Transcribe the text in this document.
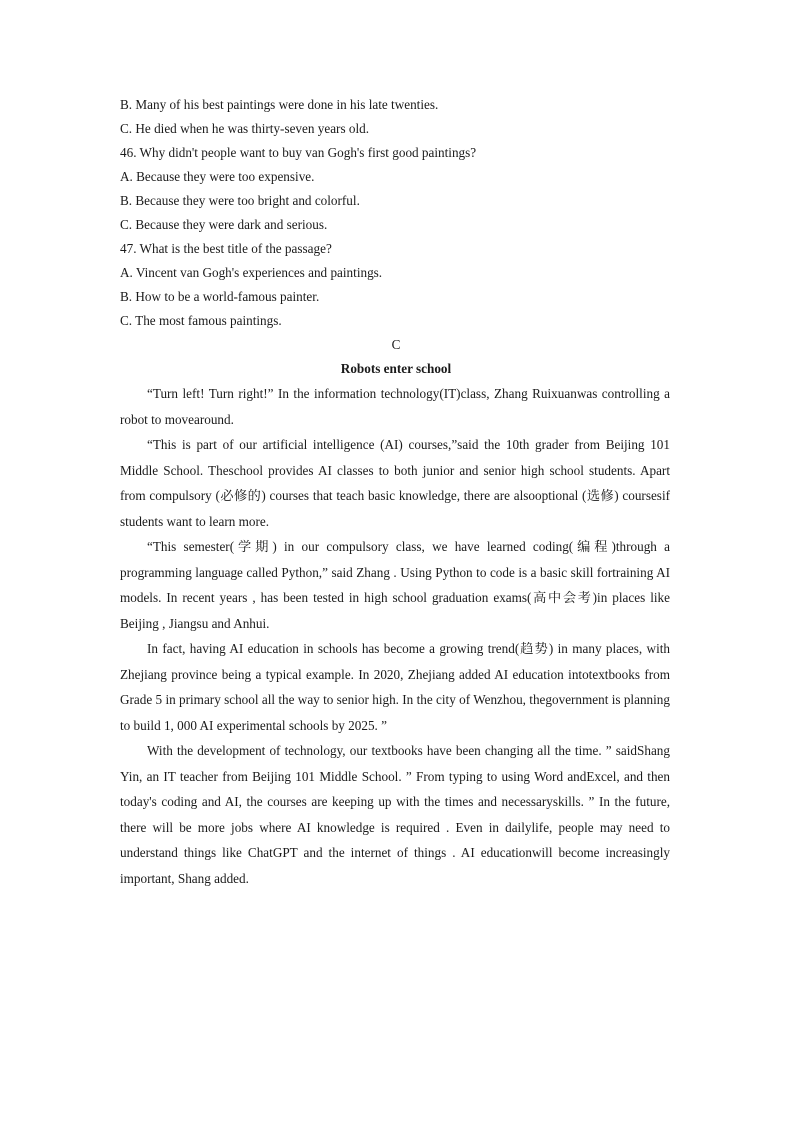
B. Many of his best paintings were done in his late twenties.

C. He died when he was thirty-seven years old.

46. Why didn't people want to buy van Gogh's first good paintings?

A. Because they were too expensive.

B. Because they were too bright and colorful.

C. Because they were dark and serious.

47. What is the best title of the passage?

A. Vincent van Gogh's experiences and paintings.

B. How to be a world-famous painter.

C. The most famous paintings.

C

Robots enter school

“Turn left! Turn right!” In the information technology(IT)class, Zhang Ruixuanwas controlling a robot to movearound.

“This is part of our artificial intelligence (AI) courses,”said the 10th grader from Beijing 101 Middle School. Theschool provides AI classes to both junior and senior high school students. Apart from compulsory (必修的) courses that teach basic knowledge, there are alsooptional (选修) coursesif students want to learn more.

“This semester(学期) in our compulsory class, we have learned coding(编程)through a programming language called Python,” said Zhang . Using Python to code is a basic skill fortraining AI models. In recent years , has been tested in high school graduation exams(高中会考)in places like Beijing , Jiangsu and Anhui.

In fact, having AI education in schools has become a growing trend(趋势) in many places, with Zhejiang province being a typical example. In 2020, Zhejiang added AI education intotextbooks from Grade 5 in primary school all the way to senior high. In the city of Wenzhou, thegovernment is planning to build 1, 000 AI experimental schools by 2025. ”

With the development of technology, our textbooks have been changing all the time. ” saidShang Yin, an IT teacher from Beijing 101 Middle School. ” From typing to using Word andExcel, and then today's coding and AI, the courses are keeping up with the times and necessaryskills. ” In the future, there will be more jobs where AI knowledge is required . Even in dailylife, people may need to understand things like ChatGPT and the internet of things . AI educationwill become increasingly important, Shang added.
